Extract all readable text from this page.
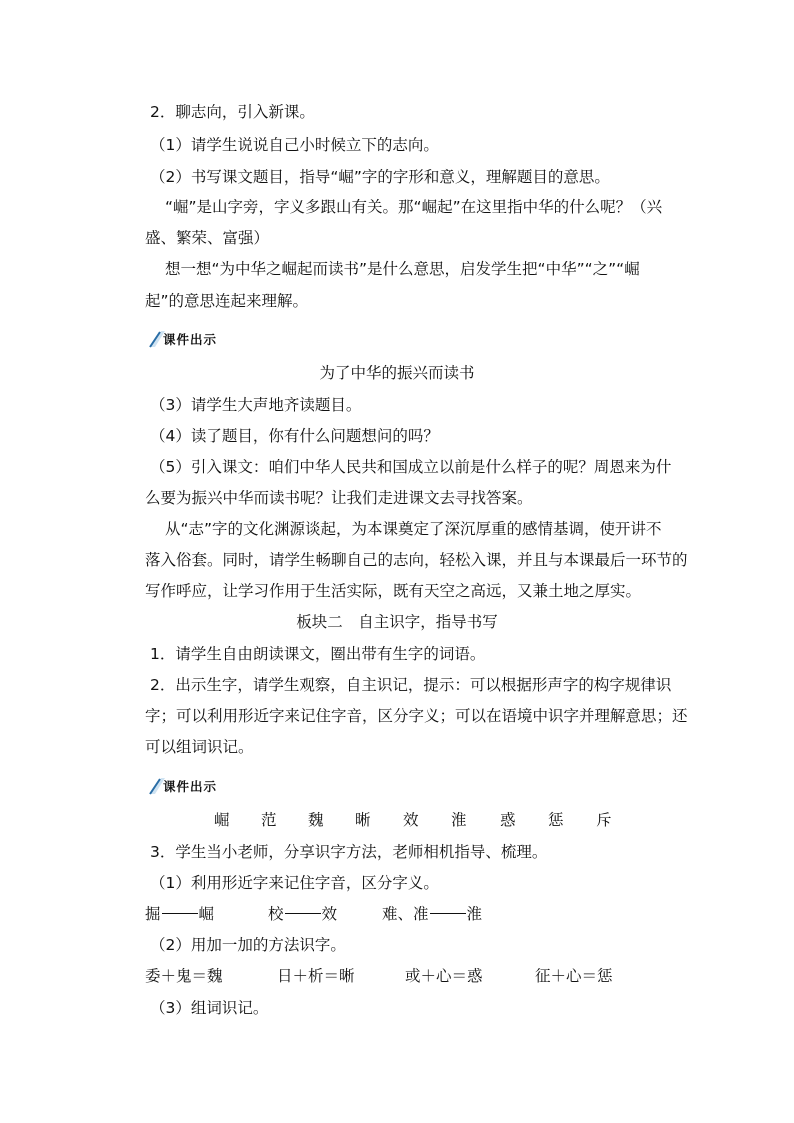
2．聊志向，引入新课。
（1）请学生说说自己小时候立下的志向。
（2）书写课文题目，指导“崛”字的字形和意义，理解题目的意思。
“崛”是山字旁，字义多跟山有关。那“崛起”在这里指中华的什么呢？（兴
盛、繁荣、富强）
想一想“为中华之崛起而读书”是什么意思，启发学生把“中华”“之”“崛
起”的意思连起来理解。
课件出示
为了中华的振兴而读书
（3）请学生大声地齐读题目。
（4）读了题目，你有什么问题想问的吗？
（5）引入课文：咱们中华人民共和国成立以前是什么样子的呢？周恩来为什
么要为振兴中华而读书呢？让我们走进课文去寻找答案。
从“志”字的文化渊源谈起，为本课奠定了深沉厚重的感情基调，使开讲不
落入俗套。同时，请学生畅聊自己的志向，轻松入课，并且与本课最后一环节的
写作呼应，让学习作用于生活实际，既有天空之高远，又兼土地之厚实。
板块二　自主识字，指导书写
1．请学生自由朗读课文，圈出带有生字的词语。
2．出示生字，请学生观察，自主识记，提示：可以根据形声字的构字规律识
字；可以利用形近字来记住字音，区分字义；可以在语境中识字并理解意思；还
可以组词识记。
课件出示
崛 范 魏 晰 效 淮 惑 惩 斥
3．学生当小老师，分享识字方法，老师相机指导、梳理。
（1）利用形近字来记住字音，区分字义。
掘 崛	校 效	难、准 淮
（2）用加一加的方法识字。
委＋鬼＝魏	日＋析＝晰	或＋心＝惑	征＋心＝惩
（3）组词识记。
